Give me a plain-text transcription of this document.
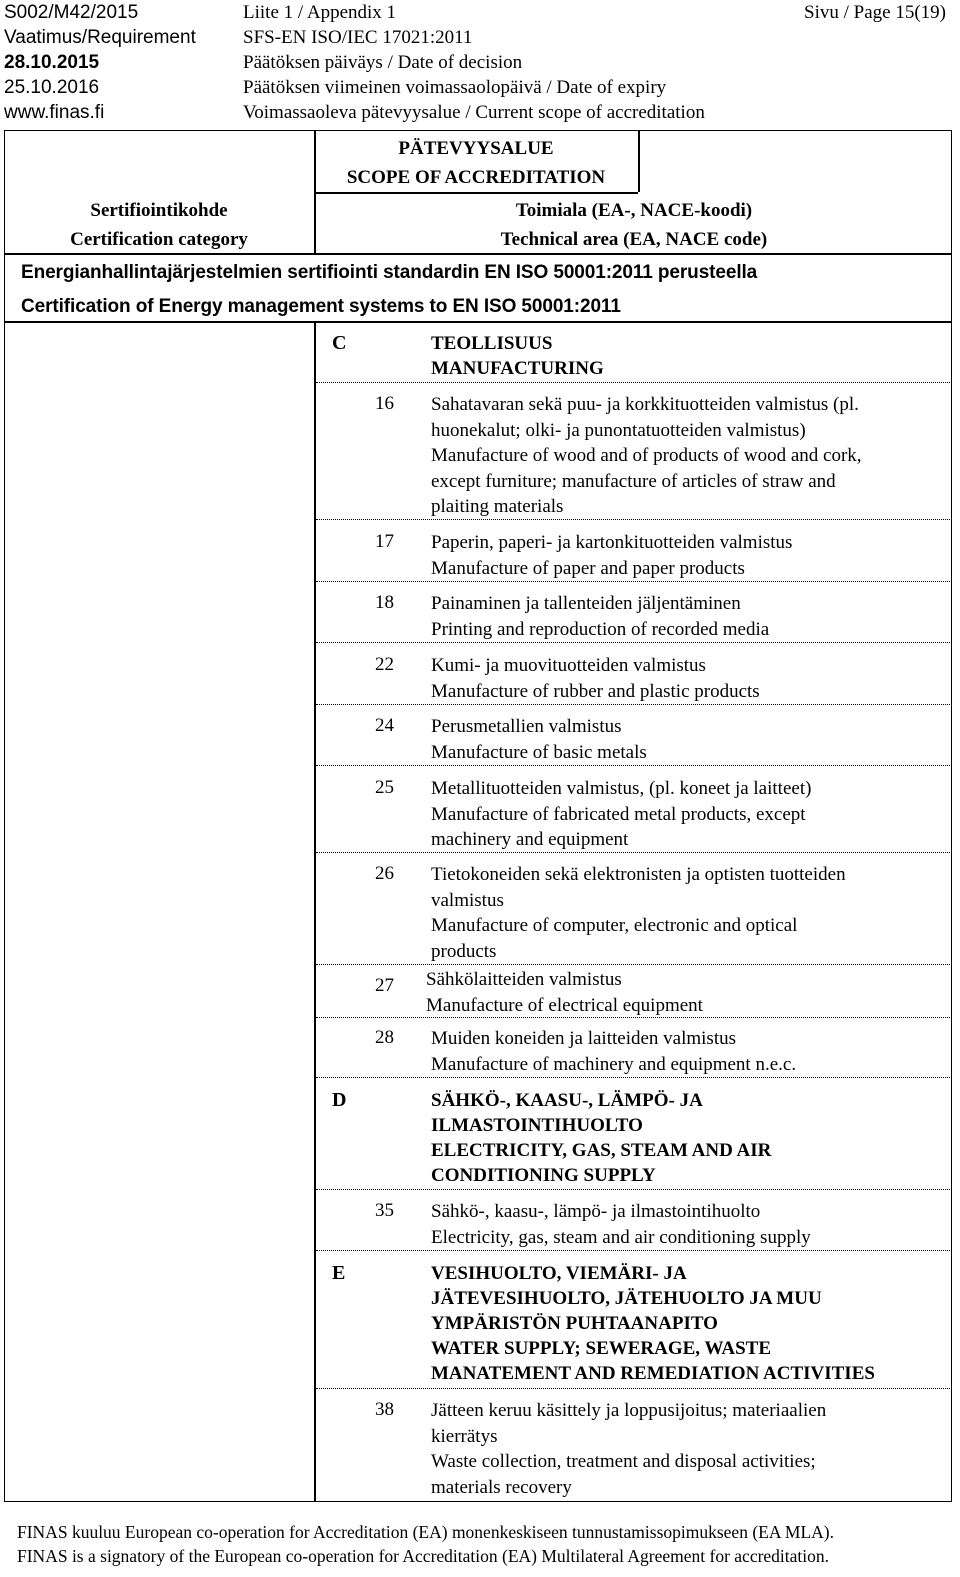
S002/M42/2015	Liite 1 / Appendix 1	Sivu / Page 15(19)
Vaatimus/Requirement SFS-EN ISO/IEC 17021:2011
28.10.2015	Päätöksen päiväys / Date of decision
25.10.2016	Päätöksen viimeinen voimassaolopäivä / Date of expiry
www.finas.fi	Voimassaoleva pätevyysalue / Current scope of accreditation
PÄTEVYYSALUE
SCOPE OF ACCREDITATION
Sertifiointikohde
Certification category
Toimiala (EA-, NACE-koodi)
Technical area (EA, NACE code)
Energianhallintajärjestelmien sertifiointi standardin EN ISO 50001:2011 perusteella
Certification of Energy management systems to EN ISO 50001:2011
C	TEOLLISUUS
MANUFACTURING
16 Sahatavaran sekä puu- ja korkkituotteiden valmistus (pl.
huonekalut; olki- ja punontatuotteiden valmistus)
Manufacture of wood and of products of wood and cork,
except furniture; manufacture of articles of straw and
plaiting materials
17 Paperin, paperi- ja kartonkituotteiden valmistus
Manufacture of paper and paper products
18 Painaminen ja tallenteiden jäljentäminen
Printing and reproduction of recorded media
22 Kumi- ja muovituotteiden valmistus
Manufacture of rubber and plastic products
24 Perusmetallien valmistus
Manufacture of basic metals
25 Metallituotteiden valmistus, (pl. koneet ja laitteet)
Manufacture of fabricated metal products, except
machinery and equipment
26 Tietokoneiden sekä elektronisten ja optisten tuotteiden
valmistus
Manufacture of computer, electronic and optical
products
27 Sähkölaitteiden valmistus
Manufacture of electrical equipment
28 Muiden koneiden ja laitteiden valmistus
Manufacture of machinery and equipment n.e.c.
D	SÄHKÖ-, KAASU-, LÄMPÖ- JA
ILMASTOINTIHUOLTO
ELECTRICITY, GAS, STEAM AND AIR
CONDITIONING SUPPLY
35 Sähkö-, kaasu-, lämpö- ja ilmastointihuolto
Electricity, gas, steam and air conditioning supply
E	VESIHUOLTO, VIEMÄRI- JA
JÄTEVESIHUOLTO, JÄTEHUOLTO JA MUU
YMPÄRISTÖN PUHTAANAPITO
WATER SUPPLY; SEWERAGE, WASTE
MANATEMENT AND REMEDIATION ACTIVITIES
38 Jätteen keruu käsittely ja loppusijoitus; materiaalien
kierrätys
Waste collection, treatment and disposal activities;
materials recovery
FINAS kuuluu European co-operation for Accreditation (EA) monenkeskiseen tunnustamissopimukseen (EA MLA).
FINAS is a signatory of the European co-operation for Accreditation (EA) Multilateral Agreement for accreditation.
